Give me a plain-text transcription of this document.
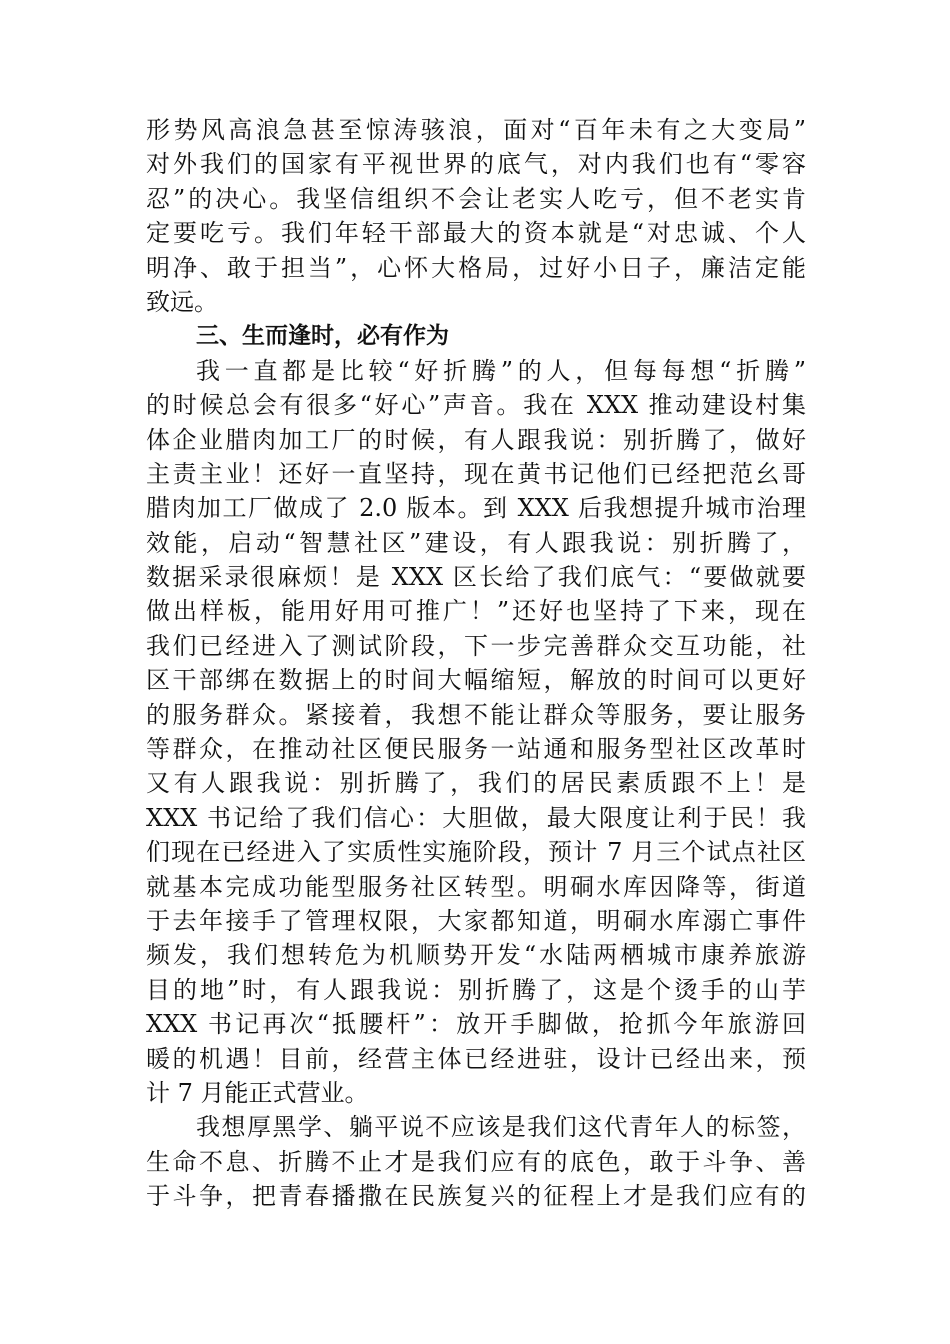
形势风高浪急甚至惊涛骇浪，面对“百年未有之大变局”
对外我们的国家有平视世界的底气，对内我们也有“零容
忍”的决心。我坚信组织不会让老实人吃亏，但不老实肯
定要吃亏。我们年轻干部最大的资本就是“对忠诚、个人
明净、敢于担当”，心怀大格局，过好小日子，廉洁定能
致远。
三、生而逢时，必有作为
我一直都是比较“好折腾”的人，但每每想“折腾”
的时候总会有很多“好心”声音。我在 XXX 推动建设村集
体企业腊肉加工厂的时候，有人跟我说：别折腾了，做好
主责主业！还好一直坚持，现在黄书记他们已经把范幺哥
腊肉加工厂做成了 2.0 版本。到 XXX 后我想提升城市治理
效能，启动“智慧社区”建设，有人跟我说：别折腾了，
数据采录很麻烦！是 XXX 区长给了我们底气：“要做就要
做出样板，能用好用可推广！”还好也坚持了下来，现在
我们已经进入了测试阶段，下一步完善群众交互功能，社
区干部绑在数据上的时间大幅缩短，解放的时间可以更好
的服务群众。紧接着，我想不能让群众等服务，要让服务
等群众，在推动社区便民服务一站通和服务型社区改革时
又有人跟我说：别折腾了，我们的居民素质跟不上！是
XXX 书记给了我们信心：大胆做，最大限度让利于民！我
们现在已经进入了实质性实施阶段，预计 7 月三个试点社区
就基本完成功能型服务社区转型。明硐水库因降等，街道
于去年接手了管理权限，大家都知道，明硐水库溺亡事件
频发，我们想转危为机顺势开发“水陆两栖城市康养旅游
目的地”时，有人跟我说：别折腾了，这是个烫手的山芋
XXX 书记再次“抵腰杆”：放开手脚做，抢抓今年旅游回
暖的机遇！目前，经营主体已经进驻，设计已经出来，预
计 7 月能正式营业。
我想厚黑学、躺平说不应该是我们这代青年人的标签，
生命不息、折腾不止才是我们应有的底色，敢于斗争、善
于斗争，把青春播撒在民族复兴的征程上才是我们应有的
